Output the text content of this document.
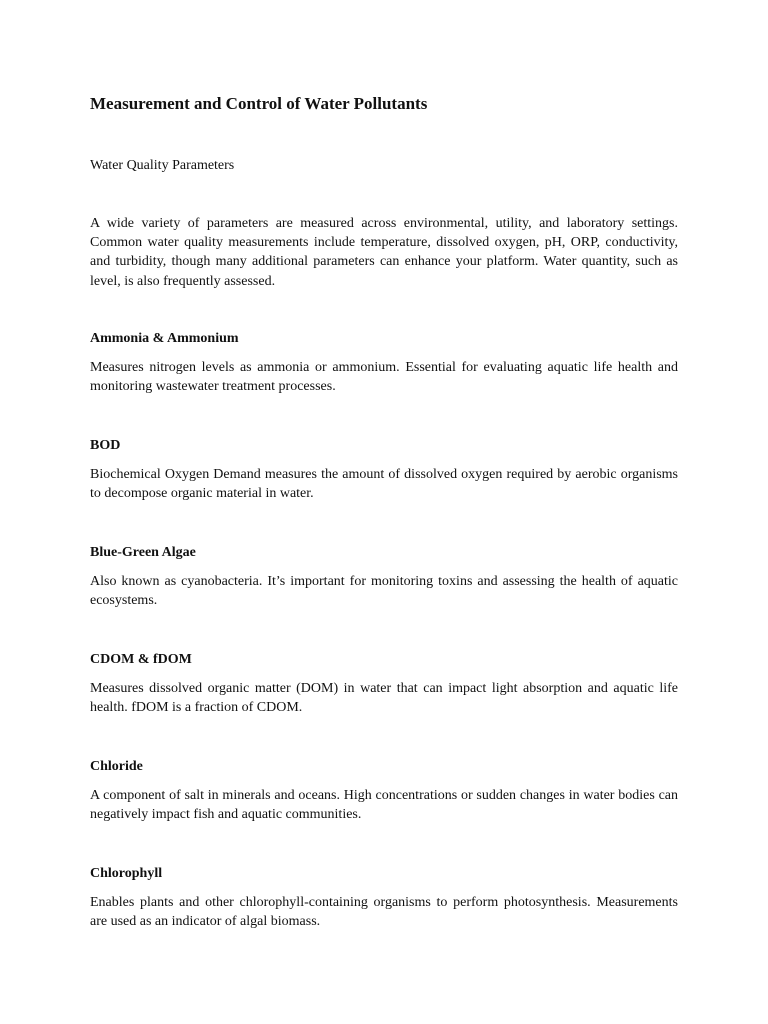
Measurement and Control of Water Pollutants

Water Quality Parameters

A wide variety of parameters are measured across environmental, utility, and laboratory settings. Common water quality measurements include temperature, dissolved oxygen, pH, ORP, conductivity, and turbidity, though many additional parameters can enhance your platform. Water quantity, such as level, is also frequently assessed.

Ammonia & Ammonium

Measures nitrogen levels as ammonia or ammonium. Essential for evaluating aquatic life health and monitoring wastewater treatment processes.

BOD

Biochemical Oxygen Demand measures the amount of dissolved oxygen required by aerobic organisms to decompose organic material in water.

Blue-Green Algae

Also known as cyanobacteria. It’s important for monitoring toxins and assessing the health of aquatic ecosystems.

CDOM & fDOM

Measures dissolved organic matter (DOM) in water that can impact light absorption and aquatic life health. fDOM is a fraction of CDOM.

Chloride

A component of salt in minerals and oceans. High concentrations or sudden changes in water bodies can negatively impact fish and aquatic communities.

Chlorophyll

Enables plants and other chlorophyll-containing organisms to perform photosynthesis. Measurements are used as an indicator of algal biomass.
